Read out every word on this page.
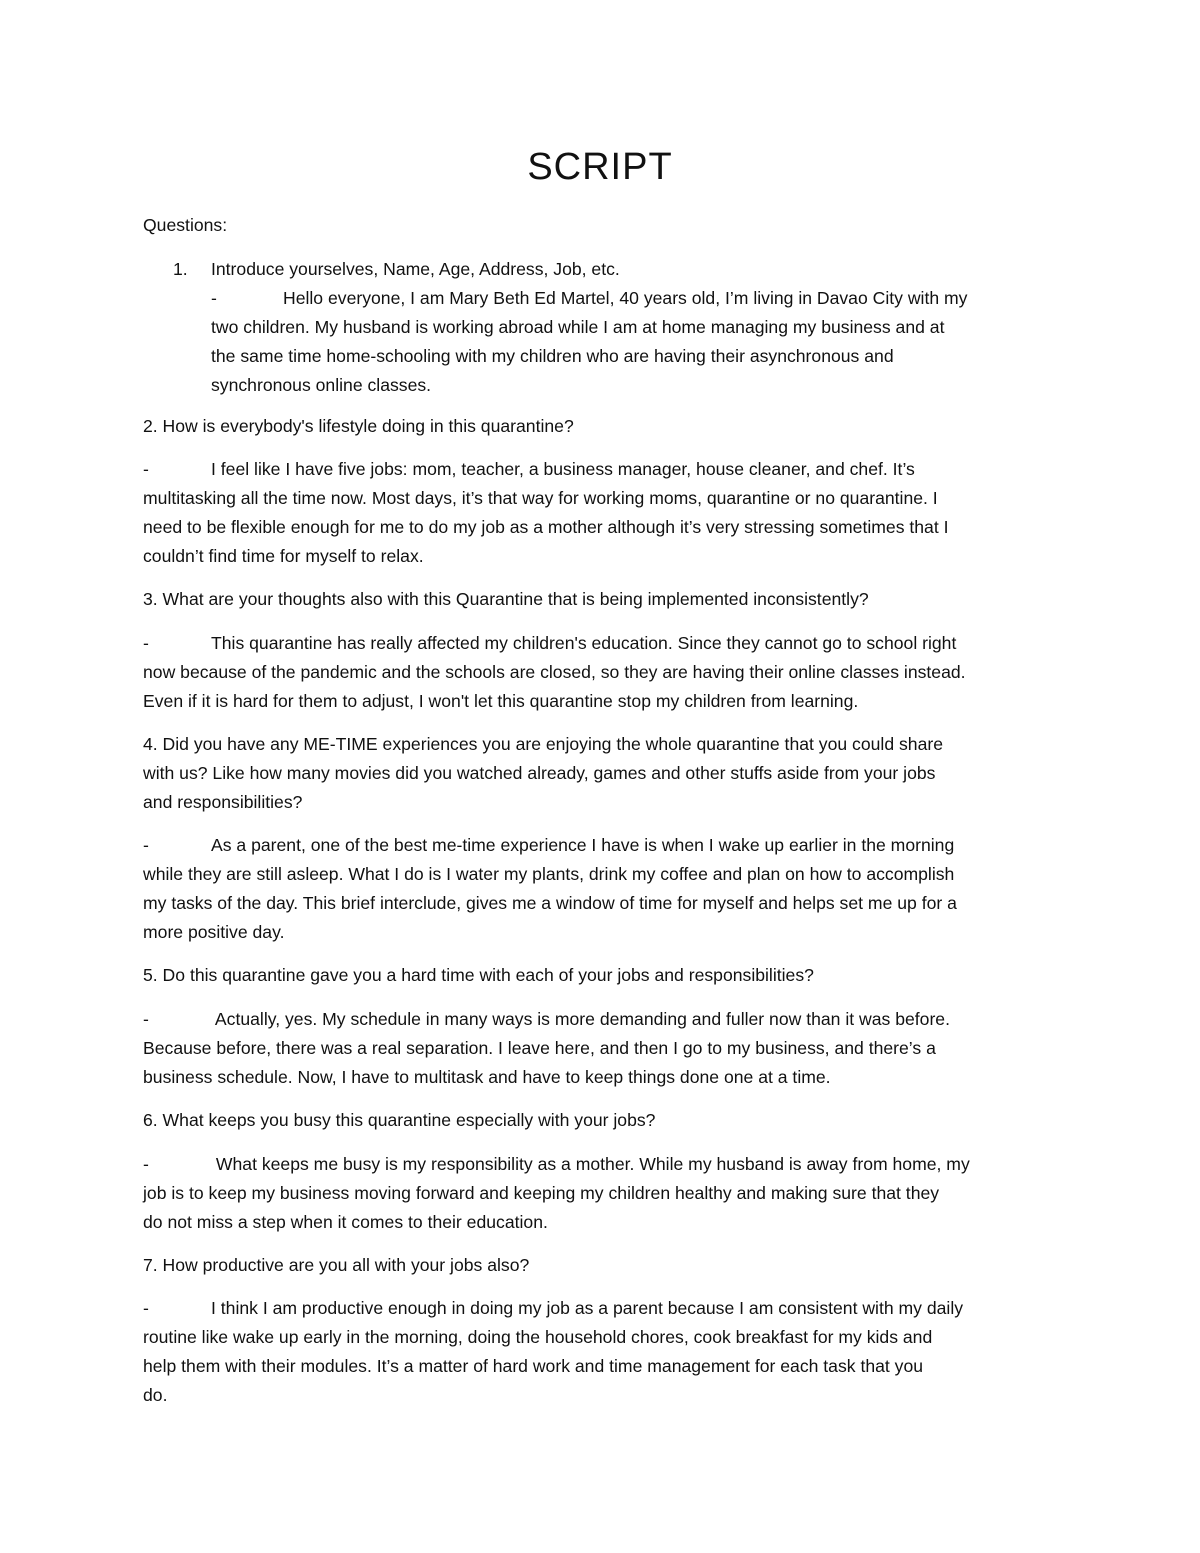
SCRIPT

Questions:

1. Introduce yourselves, Name, Age, Address, Job, etc.
-	Hello everyone, I am Mary Beth Ed Martel, 40 years old, I’m living in Davao City with my
two children. My husband is working abroad while I am at home managing my business and at
the same time home-schooling with my children who are having their asynchronous and
synchronous online classes.

2. How is everybody's lifestyle doing in this quarantine?

-	I feel like I have five jobs: mom, teacher, a business manager, house cleaner, and chef. It’s
multitasking all the time now. Most days, it’s that way for working moms, quarantine or no quarantine. I
need to be flexible enough for me to do my job as a mother although it’s very stressing sometimes that I
couldn’t find time for myself to relax.

3. What are your thoughts also with this Quarantine that is being implemented inconsistently?

-	This quarantine has really affected my children's education. Since they cannot go to school right
now because of the pandemic and the schools are closed, so they are having their online classes instead.
Even if it is hard for them to adjust, I won't let this quarantine stop my children from learning.
4. Did you have any ME-TIME experiences you are enjoying the whole quarantine that you could share
with us? Like how many movies did you watched already, games and other stuffs aside from your jobs
and responsibilities?
-	As a parent, one of the best me-time experience I have is when I wake up earlier in the morning
while they are still asleep. What I do is I water my plants, drink my coffee and plan on how to accomplish
my tasks of the day. This brief interclude, gives me a window of time for myself and helps set me up for a
more positive day.

5. Do this quarantine gave you a hard time with each of your jobs and responsibilities?

-	Actually, yes. My schedule in many ways is more demanding and fuller now than it was before.
Because before, there was a real separation. I leave here, and then I go to my business, and there’s a
business schedule. Now, I have to multitask and have to keep things done one at a time.

6. What keeps you busy this quarantine especially with your jobs?

-	What keeps me busy is my responsibility as a mother. While my husband is away from home, my
job is to keep my business moving forward and keeping my children healthy and making sure that they
do not miss a step when it comes to their education.

7. How productive are you all with your jobs also?

-	I think I am productive enough in doing my job as a parent because I am consistent with my daily
routine like wake up early in the morning, doing the household chores, cook breakfast for my kids and
help them with their modules. It’s a matter of hard work and time management for each task that you
do.
